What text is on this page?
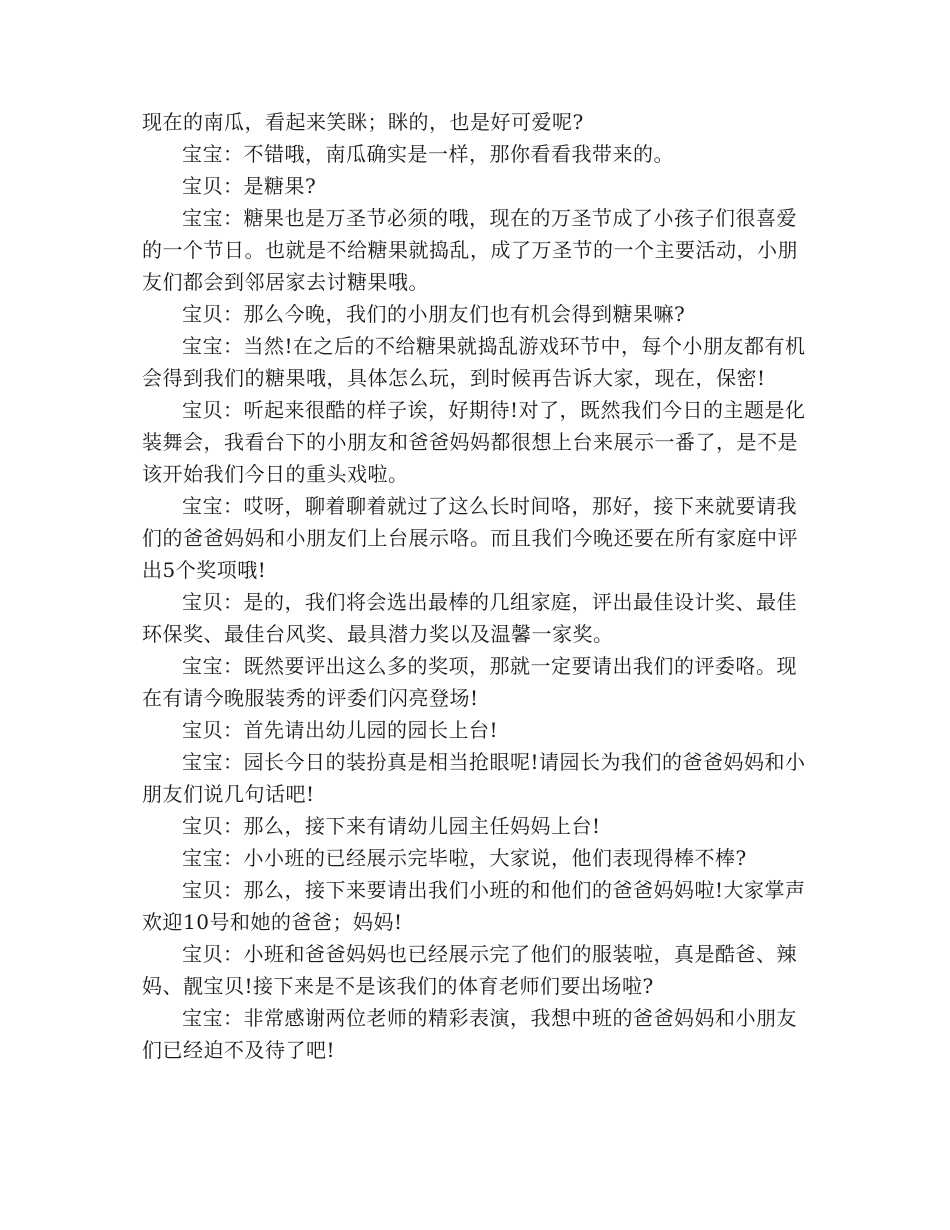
现在的南瓜，看起来笑眯；眯的，也是好可爱呢?

宝宝：不错哦，南瓜确实是一样，那你看看我带来的。

宝贝：是糖果?

宝宝：糖果也是万圣节必须的哦，现在的万圣节成了小孩子们很喜爱的一个节日。也就是不给糖果就捣乱，成了万圣节的一个主要活动，小朋友们都会到邻居家去讨糖果哦。

宝贝：那么今晚，我们的小朋友们也有机会得到糖果嘛?

宝宝：当然!在之后的不给糖果就捣乱游戏环节中，每个小朋友都有机会得到我们的糖果哦，具体怎么玩，到时候再告诉大家，现在，保密!

宝贝：听起来很酷的样子诶，好期待!对了，既然我们今日的主题是化装舞会，我看台下的小朋友和爸爸妈妈都很想上台来展示一番了，是不是该开始我们今日的重头戏啦。

宝宝：哎呀，聊着聊着就过了这么长时间咯，那好，接下来就要请我们的爸爸妈妈和小朋友们上台展示咯。而且我们今晚还要在所有家庭中评出5个奖项哦!

宝贝：是的，我们将会选出最棒的几组家庭，评出最佳设计奖、最佳环保奖、最佳台风奖、最具潜力奖以及温馨一家奖。

宝宝：既然要评出这么多的奖项，那就一定要请出我们的评委咯。现在有请今晚服装秀的评委们闪亮登场!

宝贝：首先请出幼儿园的园长上台!

宝宝：园长今日的装扮真是相当抢眼呢!请园长为我们的爸爸妈妈和小朋友们说几句话吧!

宝贝：那么，接下来有请幼儿园主任妈妈上台!

宝宝：小小班的已经展示完毕啦，大家说，他们表现得棒不棒?

宝贝：那么，接下来要请出我们小班的和他们的爸爸妈妈啦!大家掌声欢迎10号和她的爸爸；妈妈!

宝贝：小班和爸爸妈妈也已经展示完了他们的服装啦，真是酷爸、辣妈、靓宝贝!接下来是不是该我们的体育老师们要出场啦?

宝宝：非常感谢两位老师的精彩表演，我想中班的爸爸妈妈和小朋友们已经迫不及待了吧!
